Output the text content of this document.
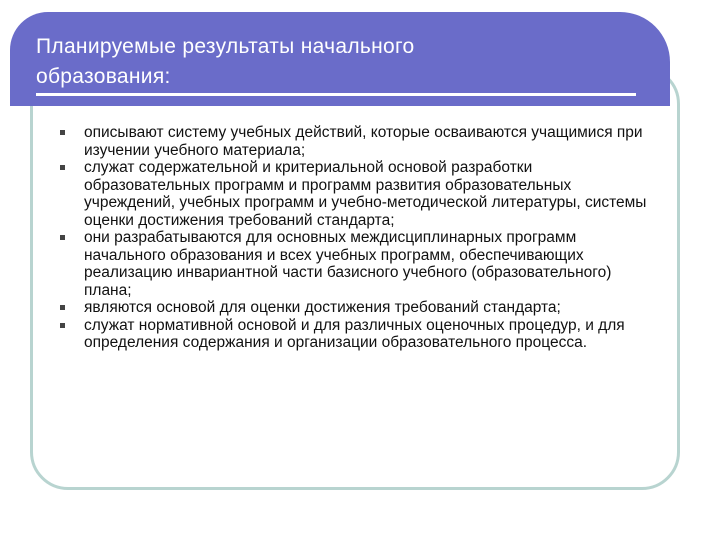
Планируемые результаты начального
образования:
описывают систему учебных действий, которые осваиваются учащимися при изучении учебного материала;
служат содержательной и критериальной основой разработки образовательных программ и программ развития образовательных учреждений, учебных программ и учебно-методической литературы, системы оценки достижения требований стандарта;
они разрабатываются для основных междисциплинарных программ начального образования и всех учебных программ, обеспечивающих реализацию инвариантной части базисного учебного (образовательного) плана;
являются основой для оценки достижения требований стандарта;
служат нормативной основой и для различных оценочных процедур, и для определения содержания и организации образовательного процесса.
